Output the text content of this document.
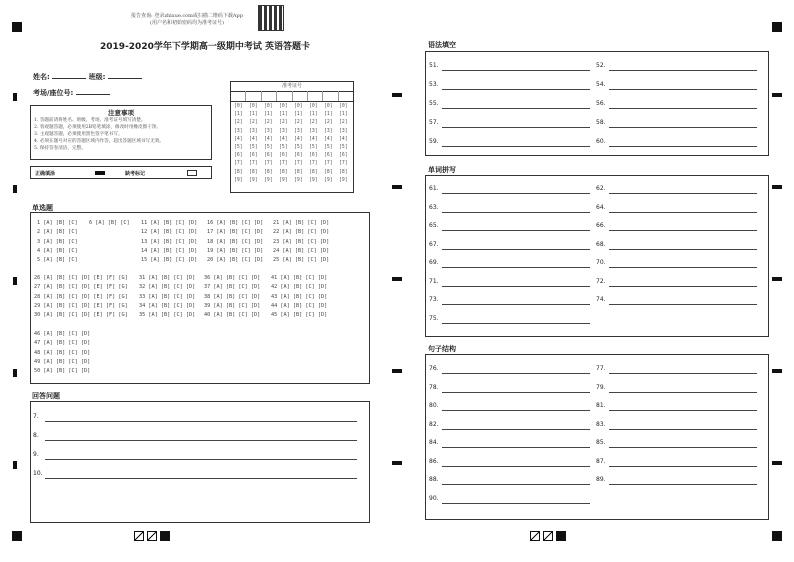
报告查询: 登录zhixue.com或扫描二维码下载App
(用户名和初始密码均为准考证号)
2019-2020学年下学期高一级期中考试 英语答题卡
姓名:	班级:
考场/座位号:
注意事项
1. 答题前请将姓名、班级、考场、准考证号填写清楚。
2. 客观题答题，必须使用2B铅笔填涂，修改时用橡皮擦干净。
3. 主观题答题，必须使用黑色签字笔书写。
4. 必须在题号对应的答题区域内作答，超出答题区域书写无效。
5. 保持答卷清洁、完整。
正确填涂	缺考标记
准考证号
[0]
[1]
[2]
[3]
[4]
[5]
[6]
[7]
[8]
[9]
[0]
[1]
[2]
[3]
[4]
[5]
[6]
[7]
[8]
[9]
[0]
[1]
[2]
[3]
[4]
[5]
[6]
[7]
[8]
[9]
[0]
[1]
[2]
[3]
[4]
[5]
[6]
[7]
[8]
[9]
[0]
[1]
[2]
[3]
[4]
[5]
[6]
[7]
[8]
[9]
[0]
[1]
[2]
[3]
[4]
[5]
[6]
[7]
[8]
[9]
[0]
[1]
[2]
[3]
[4]
[5]
[6]
[7]
[8]
[9]
[0]
[1]
[2]
[3]
[4]
[5]
[6]
[7]
[8]
[9]
单选题
1 [A] [B] [C]
2 [A] [B] [C]
3 [A] [B] [C]
4 [A] [B] [C]
5 [A] [B] [C]
6 [A] [B] [C] 11 [A] [B] [C] [D]
12 [A] [B] [C] [D]
13 [A] [B] [C] [D]
14 [A] [B] [C] [D]
15 [A] [B] [C] [D]
16 [A] [B] [C] [D]
17 [A] [B] [C] [D]
18 [A] [B] [C] [D]
19 [A] [B] [C] [D]
20 [A] [B] [C] [D]
21 [A] [B] [C] [D]
22 [A] [B] [C] [D]
23 [A] [B] [C] [D]
24 [A] [B] [C] [D]
25 [A] [B] [C] [D]
26 [A] [B] [C] [D] [E] [F] [G]
27 [A] [B] [C] [D] [E] [F] [G]
28 [A] [B] [C] [D] [E] [F] [G]
29 [A] [B] [C] [D] [E] [F] [G]
30 [A] [B] [C] [D] [E] [F] [G]
31 [A] [B] [C] [D]
32 [A] [B] [C] [D]
33 [A] [B] [C] [D]
34 [A] [B] [C] [D]
35 [A] [B] [C] [D]
36 [A] [B] [C] [D]
37 [A] [B] [C] [D]
38 [A] [B] [C] [D]
39 [A] [B] [C] [D]
40 [A] [B] [C] [D]
41 [A] [B] [C] [D]
42 [A] [B] [C] [D]
43 [A] [B] [C] [D]
44 [A] [B] [C] [D]
45 [A] [B] [C] [D]
46 [A] [B] [C] [D]
47 [A] [B] [C] [D]
48 [A] [B] [C] [D]
49 [A] [B] [C] [D]
50 [A] [B] [C] [D]
回答问题
7.
8.
9.
10.
语法填空
51.
53.
55.
57.
59.
52.
54.
56.
58.
60.
单词拼写
61.
63.
65.
67.
69.
71.
73.
75.
62.
64.
66.
68.
70.
72.
74.
句子结构
76.
78.
80.
82.
84.
86.
88.
90.
77.
79.
81.
83.
85.
87.
89.
